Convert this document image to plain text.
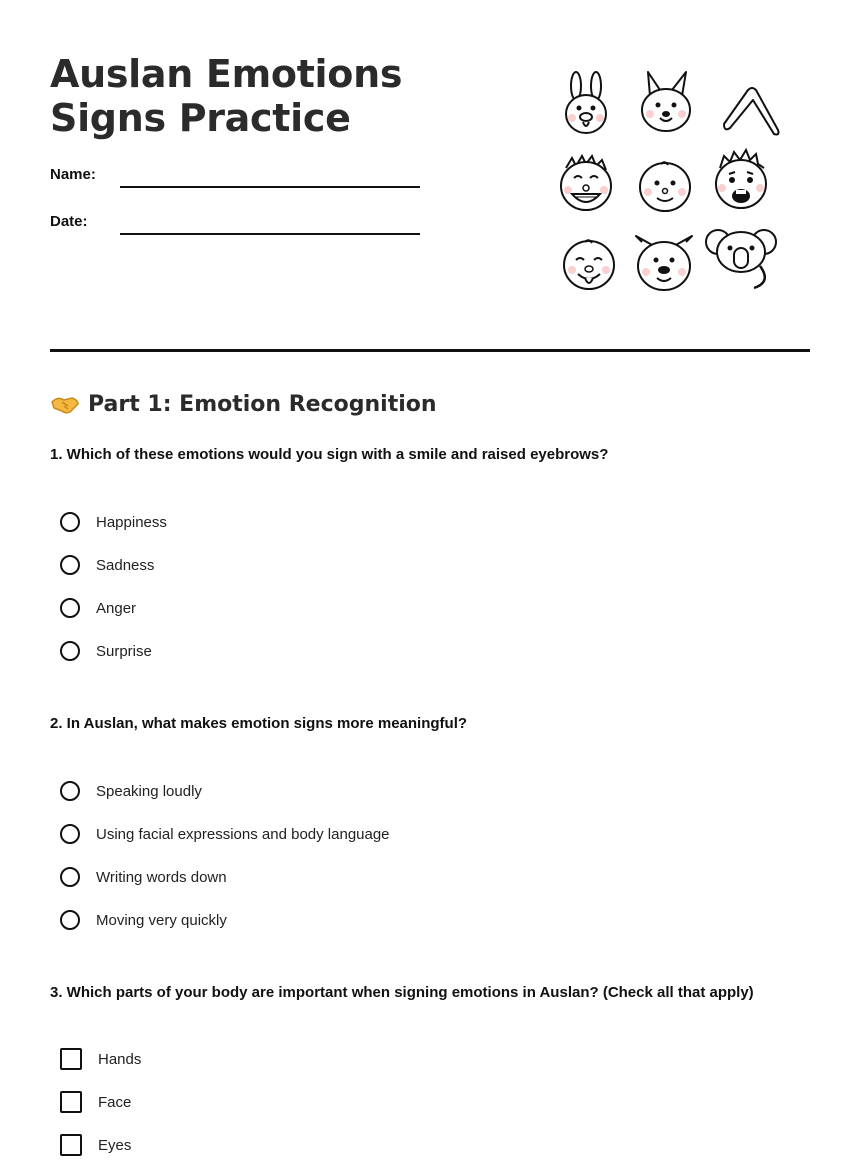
Auslan Emotions Signs Practice
Name:
Date:
Part 1: Emotion Recognition
1. Which of these emotions would you sign with a smile and raised eyebrows?
Happiness
Sadness
Anger
Surprise
2. In Auslan, what makes emotion signs more meaningful?
Speaking loudly
Using facial expressions and body language
Writing words down
Moving very quickly
3. Which parts of your body are important when signing emotions in Auslan? (Check all that apply)
Hands
Face
Eyes
